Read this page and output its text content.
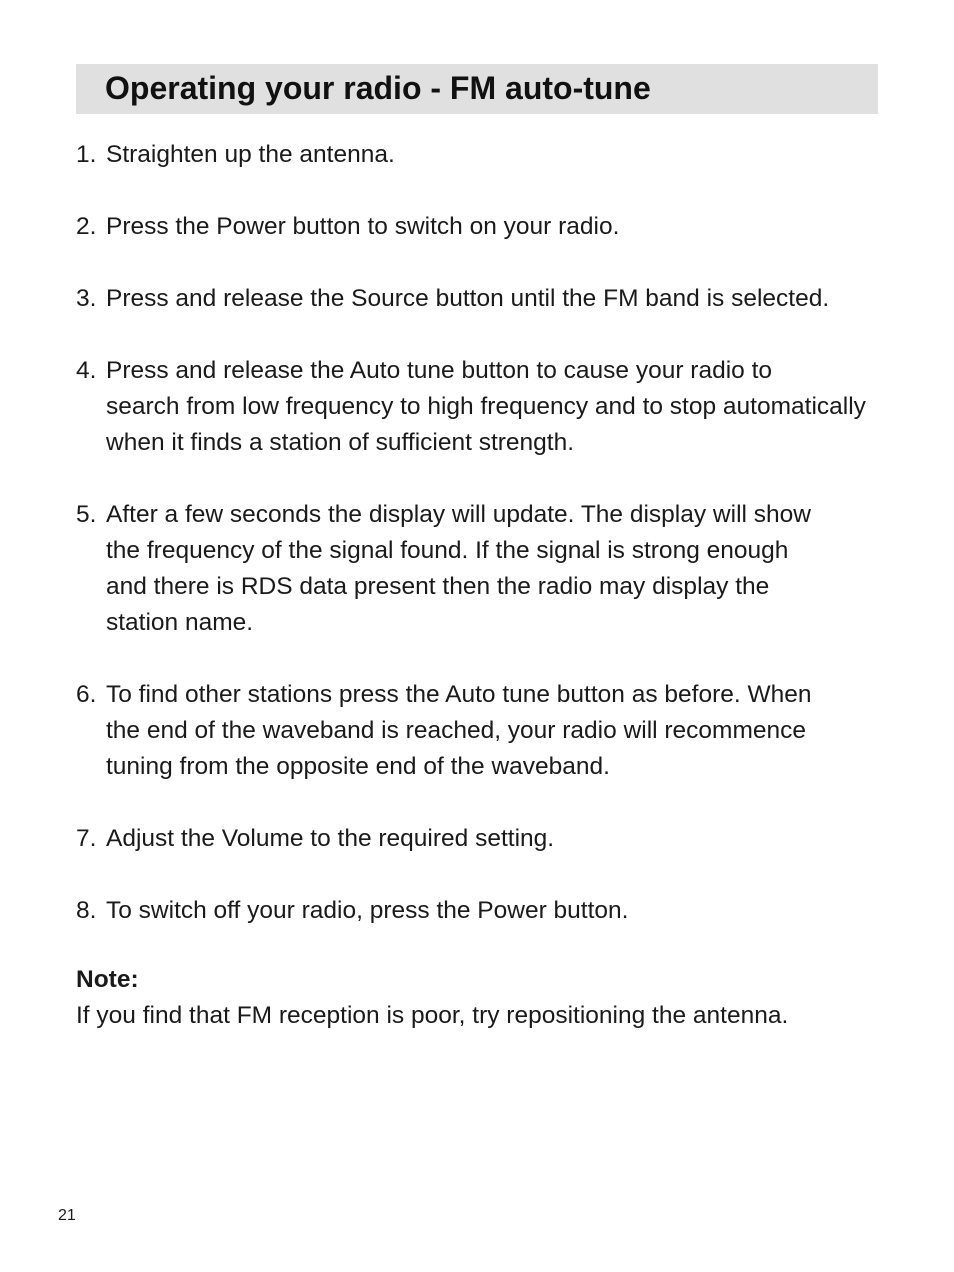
Operating your radio - FM auto-tune
1. Straighten up the antenna.
2. Press the Power button to switch on your radio.
3. Press and release the Source button until the FM band is selected.
4. Press and release the Auto tune button to cause your radio to
search from low frequency to high frequency and to stop automatically
when it finds a station of sufficient strength.
5. After a few seconds the display will update. The display will show
the frequency of the signal found. If the signal is strong enough
and there is RDS data present then the radio may display the
station name.
6. To find other stations press the Auto tune button as before. When
the end of the waveband is reached, your radio will recommence
tuning from the opposite end of the waveband.
7. Adjust the Volume to the required setting.
8. To switch off your radio, press the Power button.
Note:
If you find that FM reception is poor, try repositioning the antenna.
21
